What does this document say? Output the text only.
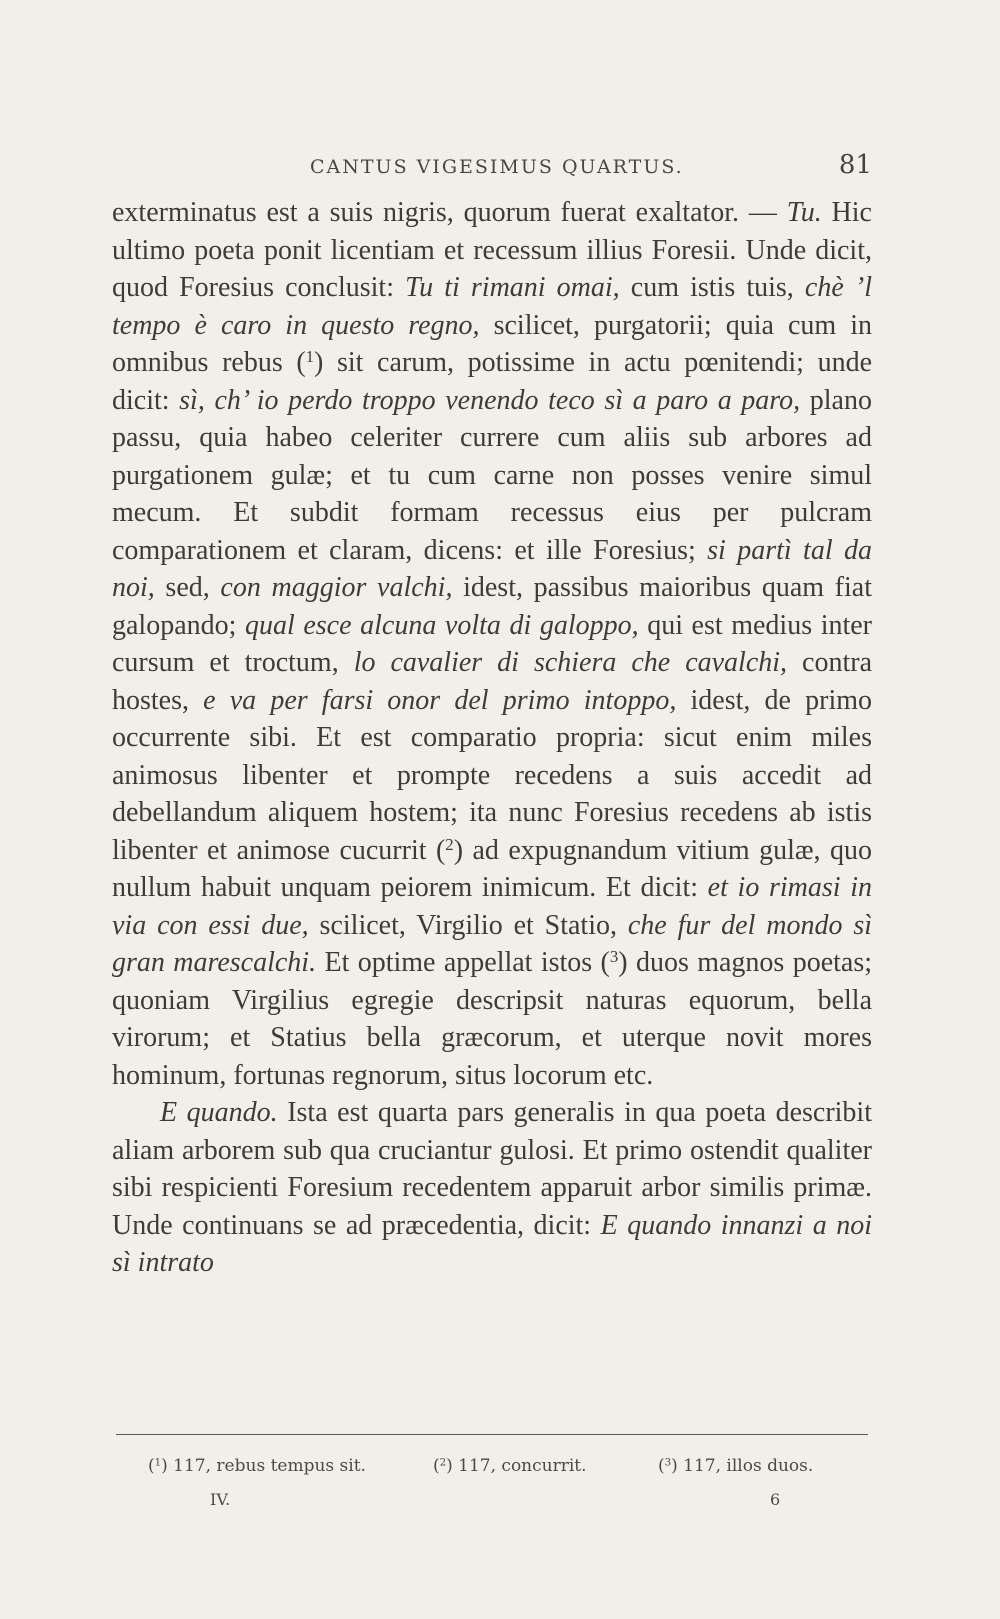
CANTUS VIGESIMUS QUARTUS.	81

exterminatus est a suis nigris, quorum fuerat exaltator. — Tu. Hic ultimo poeta ponit licentiam et recessum illius Foresii. Unde dicit, quod Foresius conclusit: Tu ti rimani omai, cum istis tuis, chè ’l tempo è caro in questo regno, scilicet, purgatorii; quia cum in omnibus rebus ($^1$) sit carum, potissime in actu pœnitendi; unde dicit: sì, ch’ io perdo troppo venendo teco sì a paro a paro, plano passu, quia habeo celeriter currere cum aliis sub arbores ad purgationem gulæ; et tu cum carne non posses venire simul mecum. Et subdit formam recessus eius per pulcram comparationem et claram, dicens: et ille Foresius; si partì tal da noi, sed, con maggior valchi, idest, passibus maioribus quam fiat galopando; qual esce alcuna volta di galoppo, qui est medius inter cursum et troctum, lo cavalier di schiera che cavalchi, contra hostes, e va per farsi onor del primo intoppo, idest, de primo occurrente sibi. Et est comparatio propria: sicut enim miles animosus libenter et prompte recedens a suis accedit ad debellandum aliquem hostem; ita nunc Foresius recedens ab istis libenter et animose cucurrit ($^2$) ad expugnandum vitium gulæ, quo nullum habuit unquam peiorem inimicum. Et dicit: et io rimasi in via con essi due, scilicet, Virgilio et Statio, che fur del mondo sì gran marescalchi. Et optime appellat istos ($^3$) duos magnos poetas; quoniam Virgilius egregie descripsit naturas equorum, bella virorum; et Statius bella græcorum, et uterque novit mores hominum, fortunas regnorum, situs locorum etc.

E quando. Ista est quarta pars generalis in qua poeta describit aliam arborem sub qua cruciantur gulosi. Et primo ostendit qualiter sibi respicienti Foresium recedentem apparuit arbor similis primæ. Unde continuans se ad præcedentia, dicit: E quando innanzi a noi sì intrato

($^1$) 117, rebus tempus sit.	($^2$) 117, concurrit.	($^3$) 117, illos duos.
IV.	6
